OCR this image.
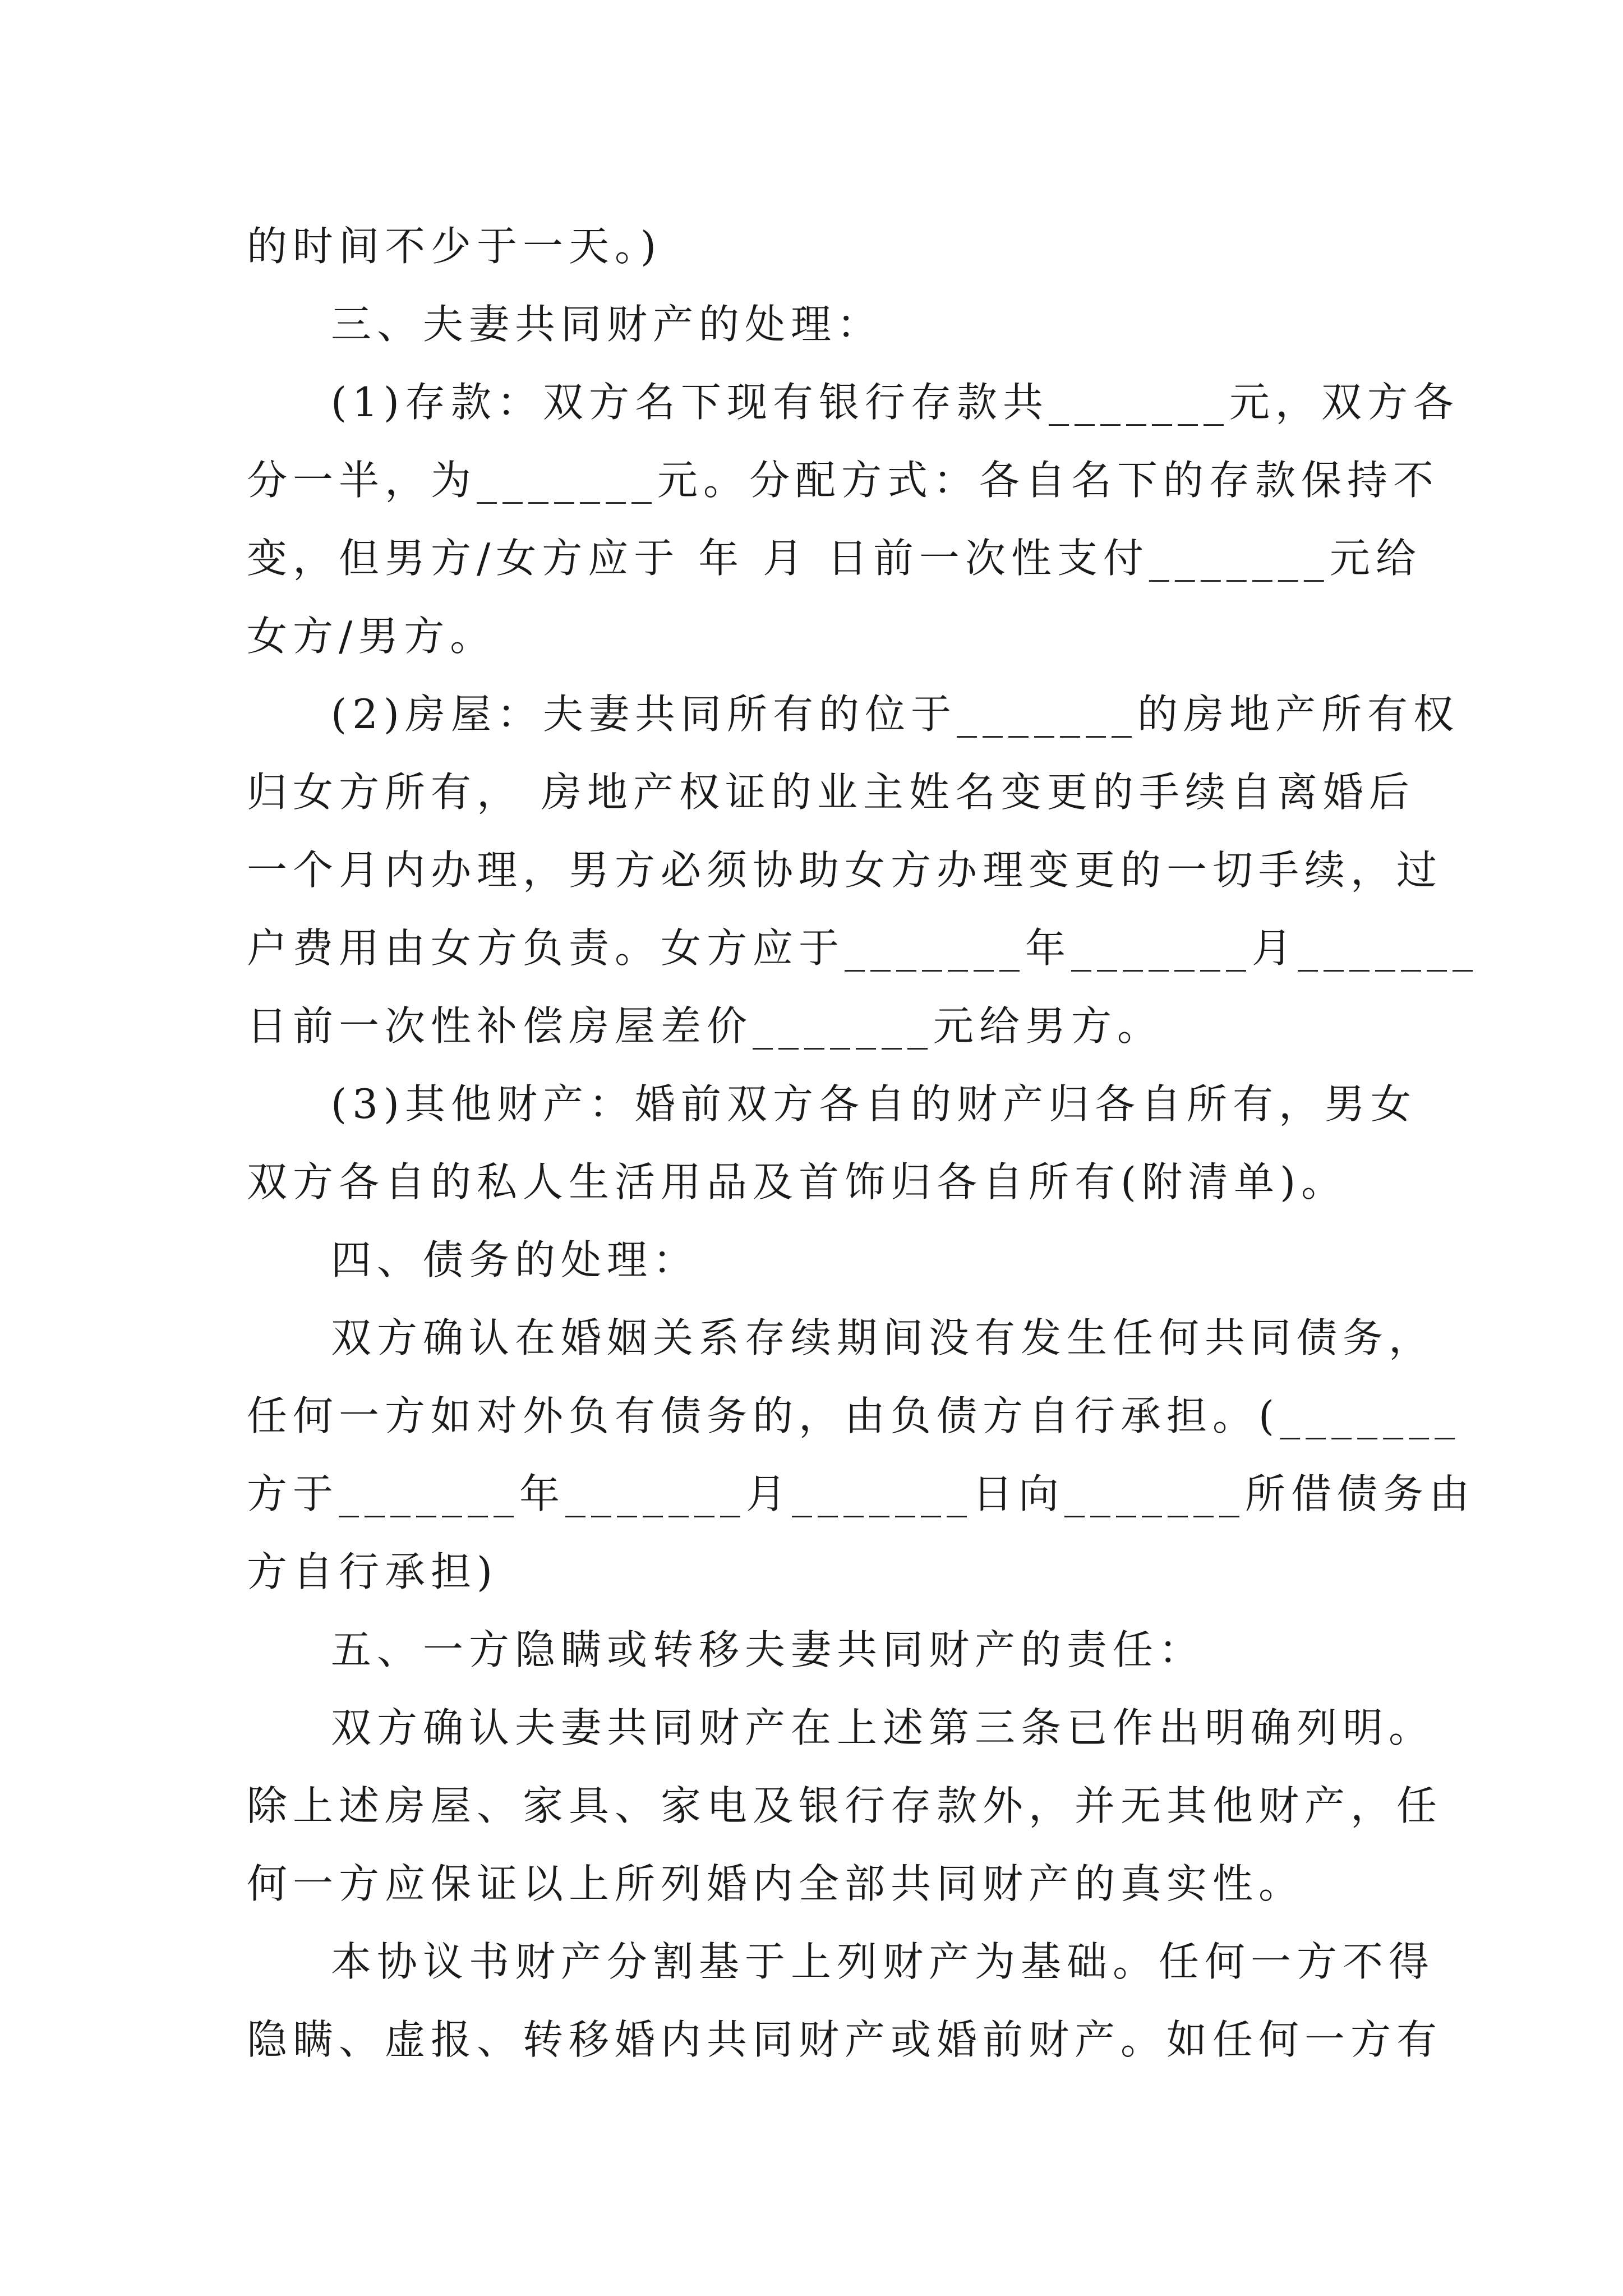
的时间不少于一天。)
三、夫妻共同财产的处理：
(1)存款：双方名下现有银行存款共_______元，双方各
分一半，为_______元。分配方式：各自名下的存款保持不
变，但男方/女方应于 年 月 日前一次性支付_______元给
女方/男方。
(2)房屋：夫妻共同所有的位于_______的房地产所有权
归女方所有， 房地产权证的业主姓名变更的手续自离婚后
一个月内办理，男方必须协助女方办理变更的一切手续，过
户费用由女方负责。女方应于_______年_______月_______
日前一次性补偿房屋差价_______元给男方。
(3)其他财产：婚前双方各自的财产归各自所有，男女
双方各自的私人生活用品及首饰归各自所有(附清单)。
四、债务的处理：
双方确认在婚姻关系存续期间没有发生任何共同债务，
任何一方如对外负有债务的，由负债方自行承担。(_______
方于_______年_______月_______日向_______所借债务由
方自行承担)
五、一方隐瞒或转移夫妻共同财产的责任：
双方确认夫妻共同财产在上述第三条已作出明确列明。
除上述房屋、家具、家电及银行存款外，并无其他财产，任
何一方应保证以上所列婚内全部共同财产的真实性。
本协议书财产分割基于上列财产为基础。任何一方不得
隐瞒、虚报、转移婚内共同财产或婚前财产。如任何一方有
